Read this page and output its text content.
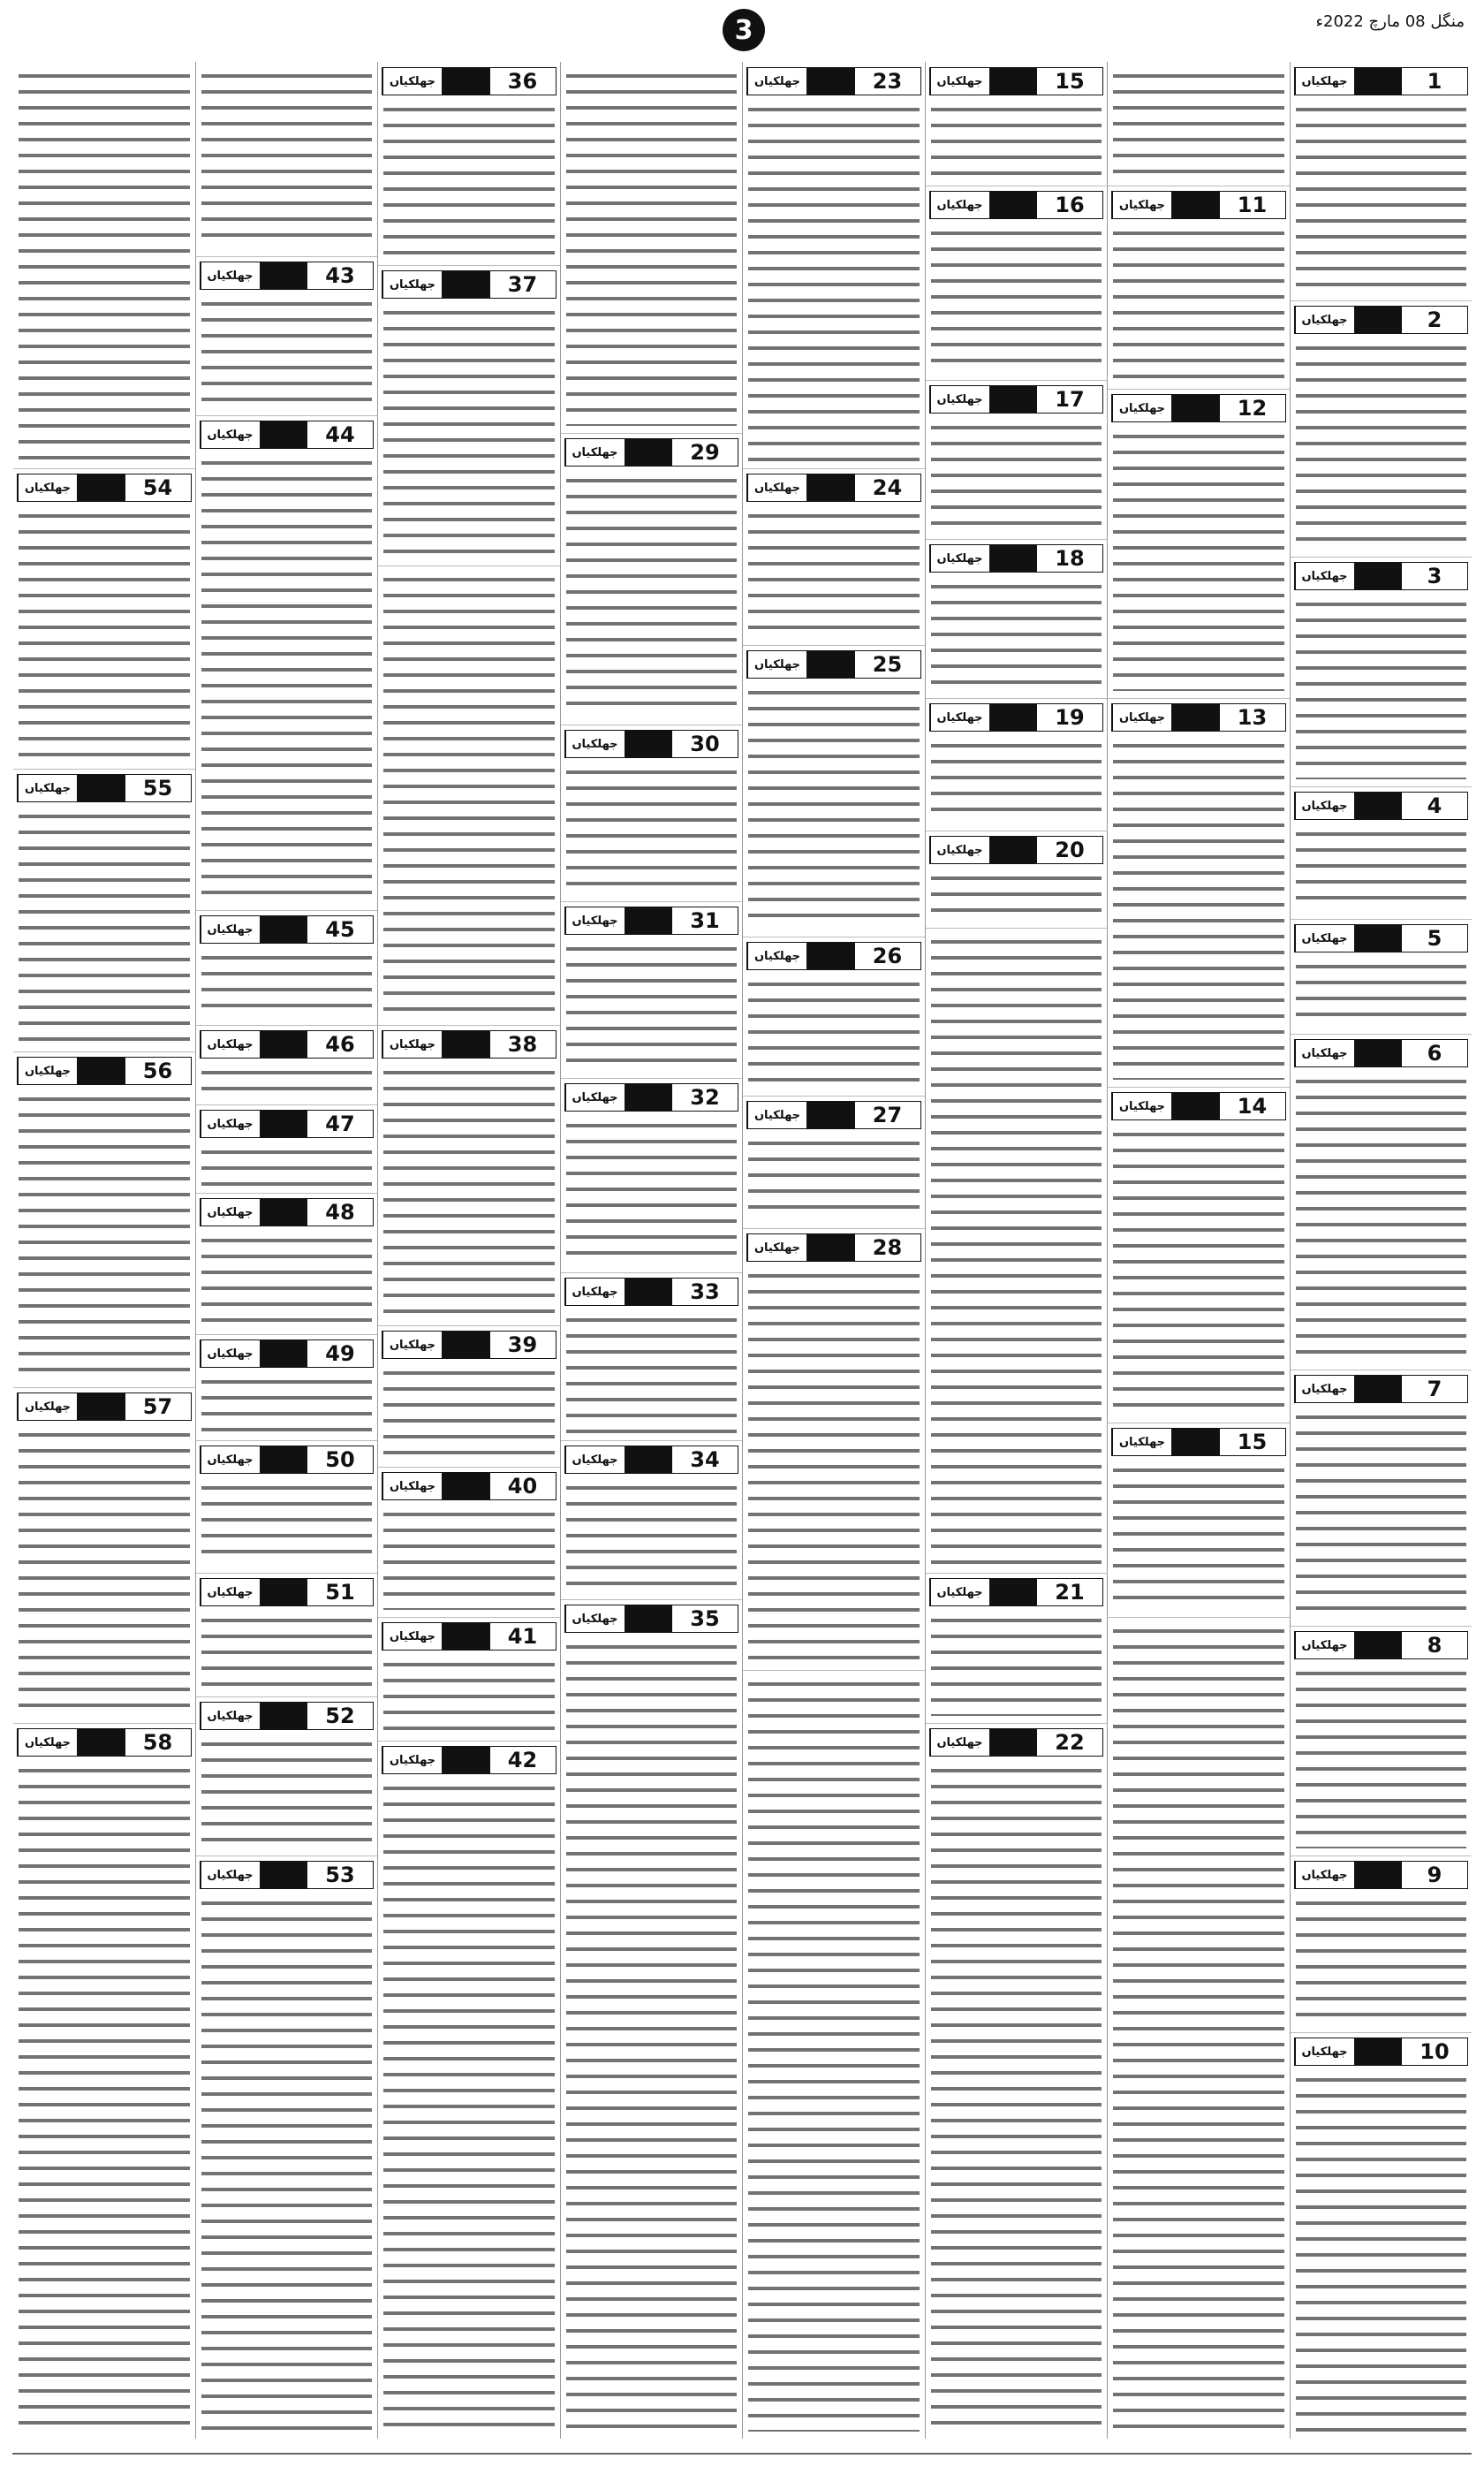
3	منگل 08 مارچ 2022ء
1
جھلکیاں
2
جھلکیاں
3
جھلکیاں
4
جھلکیاں
5
جھلکیاں
6
جھلکیاں
7
جھلکیاں
8
جھلکیاں
9
جھلکیاں
10
جھلکیاں
11
جھلکیاں
12
جھلکیاں
13
جھلکیاں
14
جھلکیاں
15
جھلکیاں
15
جھلکیاں
16
جھلکیاں
17
جھلکیاں
18
جھلکیاں
19
جھلکیاں
20
جھلکیاں
21
جھلکیاں
22
جھلکیاں
23
جھلکیاں
24
جھلکیاں
25
جھلکیاں
26
جھلکیاں
27
جھلکیاں
28
جھلکیاں
29
جھلکیاں
30
جھلکیاں
31
جھلکیاں
32
جھلکیاں
33
جھلکیاں
34
جھلکیاں
35
جھلکیاں
36
جھلکیاں
37
جھلکیاں
38
جھلکیاں
39
جھلکیاں
40
جھلکیاں
41
جھلکیاں
42
جھلکیاں
43
جھلکیاں
44
جھلکیاں
45
جھلکیاں
46
جھلکیاں
47
جھلکیاں
48
جھلکیاں
49
جھلکیاں
50
جھلکیاں
51
جھلکیاں
52
جھلکیاں
53
جھلکیاں
54
جھلکیاں
55
جھلکیاں
56
جھلکیاں
57
جھلکیاں
58
جھلکیاں
